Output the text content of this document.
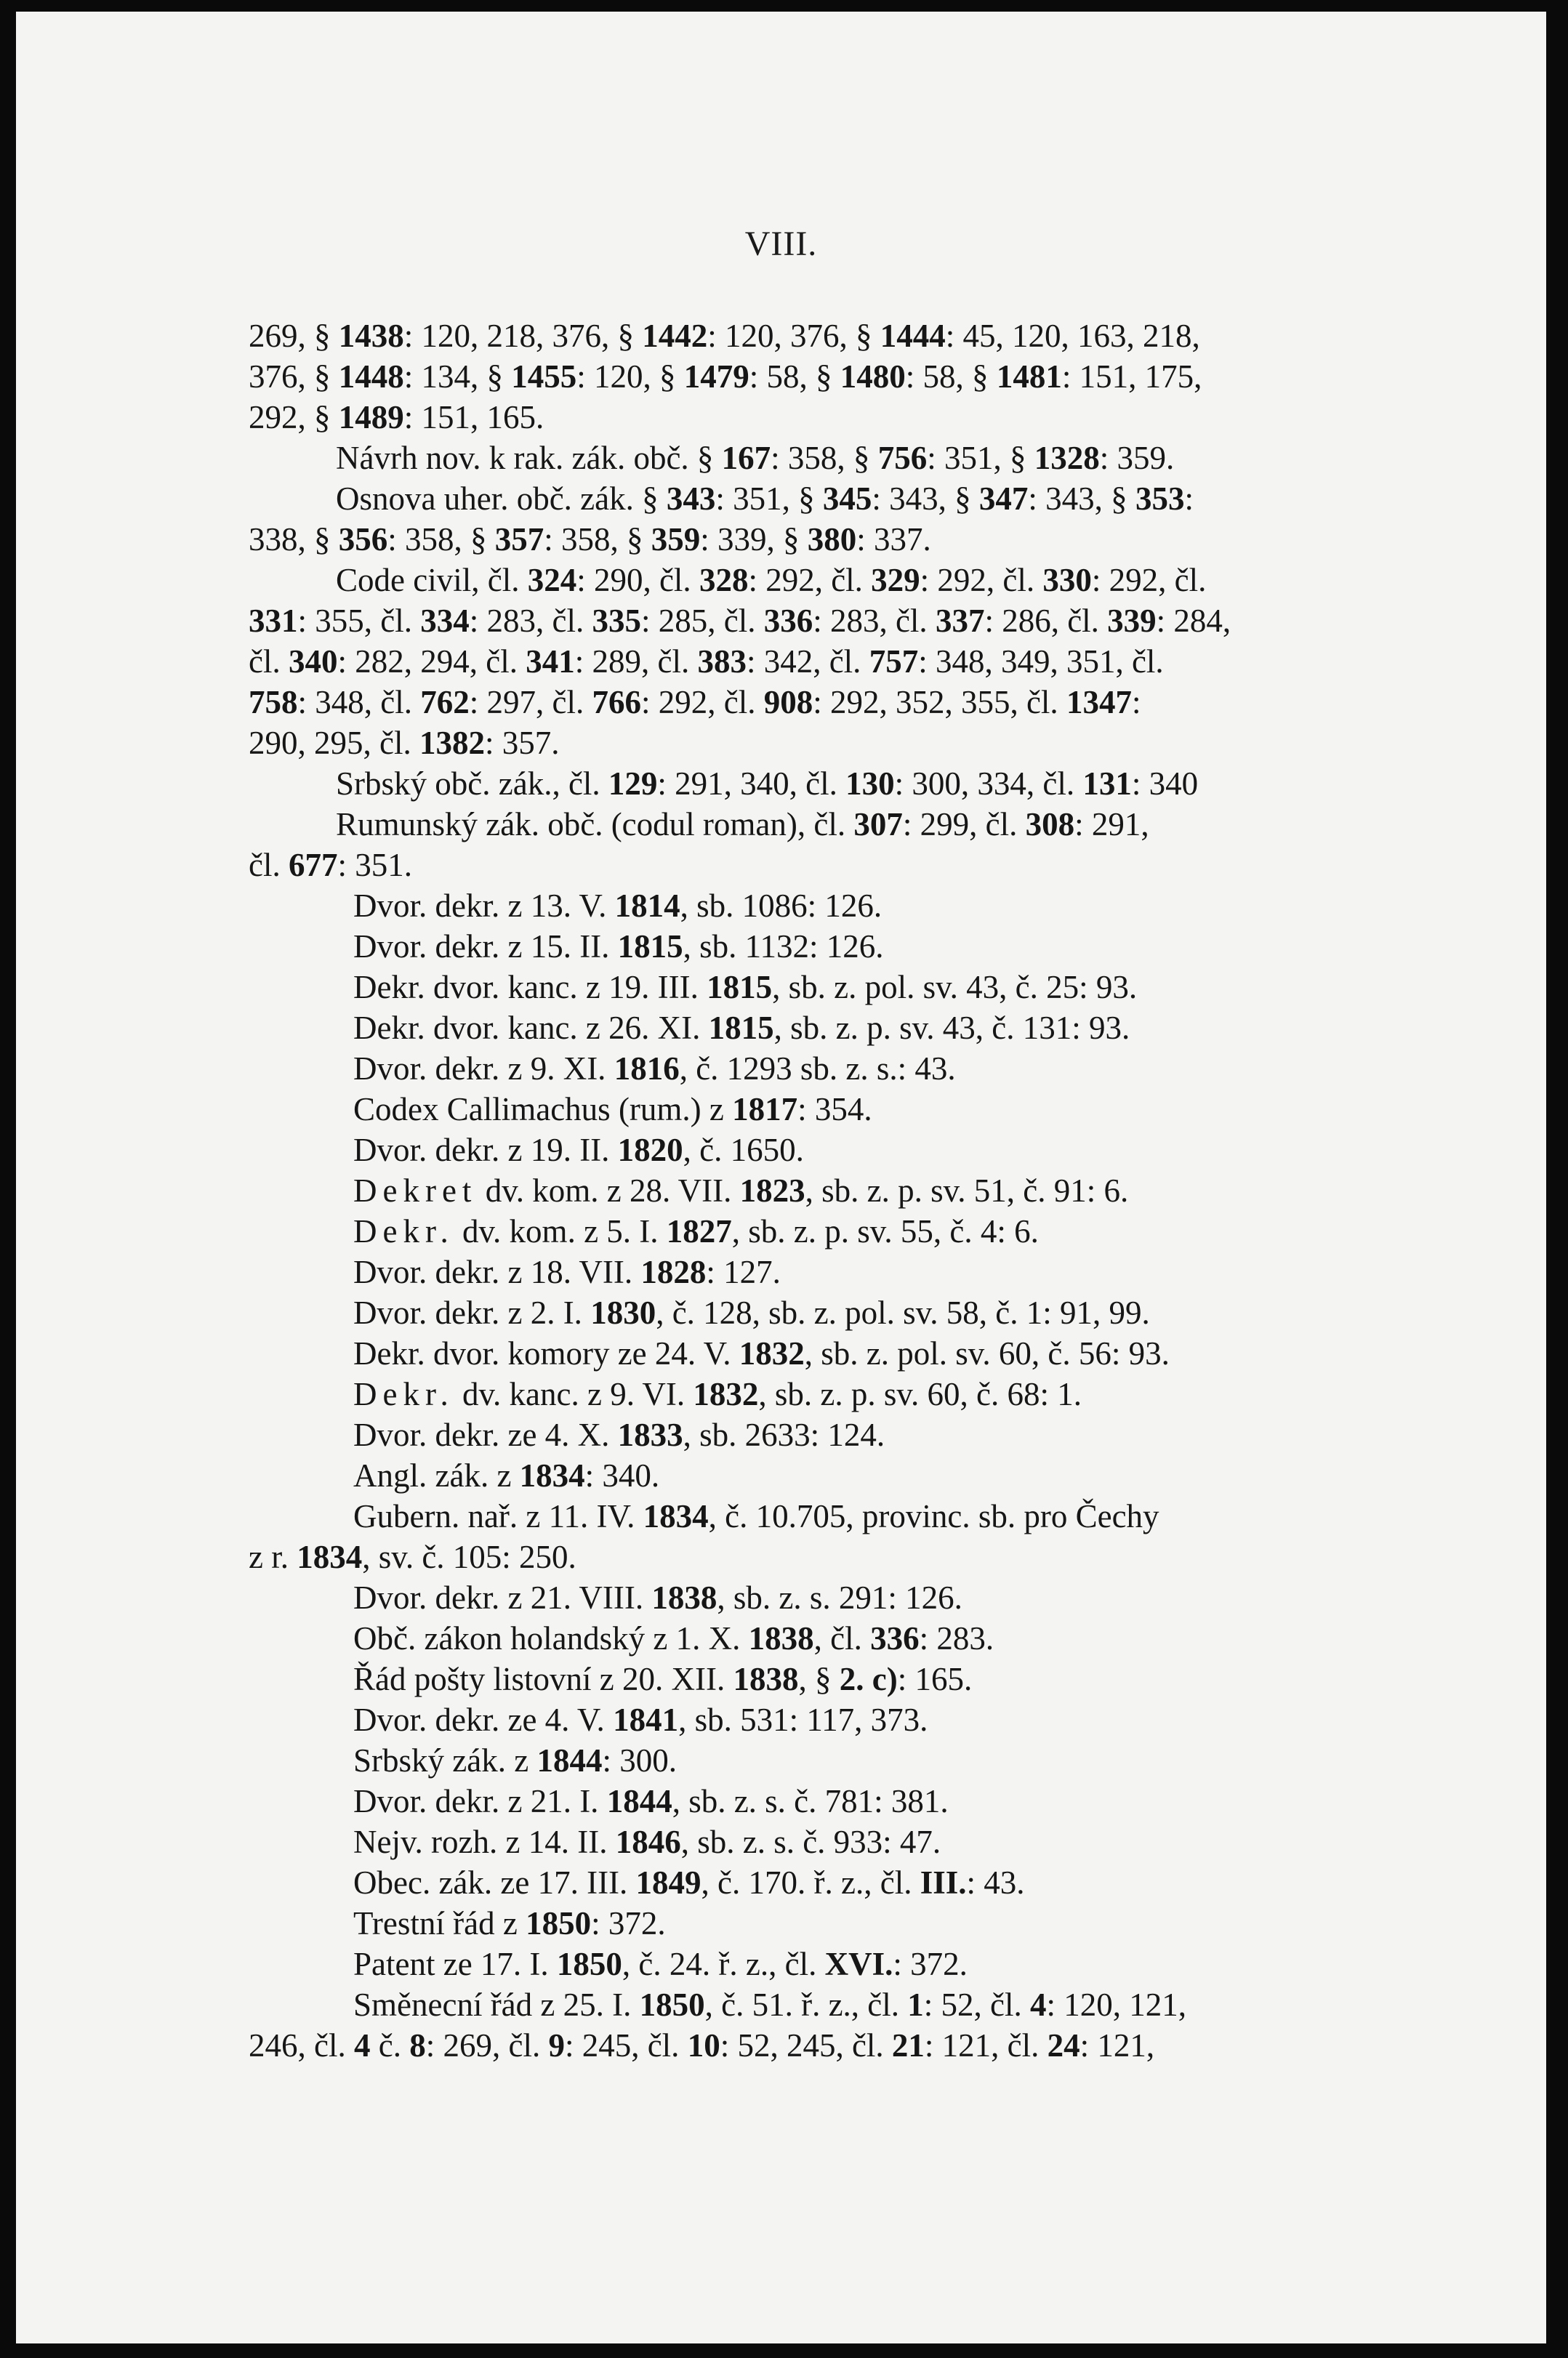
VIII.
269, § 1438: 120, 218, 376, § 1442: 120, 376, § 1444: 45, 120, 163, 218,
376, § 1448: 134, § 1455: 120, § 1479: 58, § 1480: 58, § 1481: 151, 175,
292, § 1489: 151, 165.
Návrh nov. k rak. zák. obč. § 167: 358, § 756: 351, § 1328: 359.
Osnova uher. obč. zák. § 343: 351, § 345: 343, § 347: 343, § 353:
338, § 356: 358, § 357: 358, § 359: 339, § 380: 337.
Code civil, čl. 324: 290, čl. 328: 292, čl. 329: 292, čl. 330: 292, čl.
331: 355, čl. 334: 283, čl. 335: 285, čl. 336: 283, čl. 337: 286, čl. 339: 284,
čl. 340: 282, 294, čl. 341: 289, čl. 383: 342, čl. 757: 348, 349, 351, čl.
758: 348, čl. 762: 297, čl. 766: 292, čl. 908: 292, 352, 355, čl. 1347:
290, 295, čl. 1382: 357.
Srbský obč. zák., čl. 129: 291, 340, čl. 130: 300, 334, čl. 131: 340
Rumunský zák. obč. (codul roman), čl. 307: 299, čl. 308: 291,
čl. 677: 351.
Dvor. dekr. z 13. V. 1814, sb. 1086: 126.
Dvor. dekr. z 15. II. 1815, sb. 1132: 126.
Dekr. dvor. kanc. z 19. III. 1815, sb. z. pol. sv. 43, č. 25: 93.
Dekr. dvor. kanc. z 26. XI. 1815, sb. z. p. sv. 43, č. 131: 93.
Dvor. dekr. z 9. XI. 1816, č. 1293 sb. z. s.: 43.
Codex Callimachus (rum.) z 1817: 354.
Dvor. dekr. z 19. II. 1820, č. 1650.
Dekret dv. kom. z 28. VII. 1823, sb. z. p. sv. 51, č. 91: 6.
Dekr. dv. kom. z 5. I. 1827, sb. z. p. sv. 55, č. 4: 6.
Dvor. dekr. z 18. VII. 1828: 127.
Dvor. dekr. z 2. I. 1830, č. 128, sb. z. pol. sv. 58, č. 1: 91, 99.
Dekr. dvor. komory ze 24. V. 1832, sb. z. pol. sv. 60, č. 56: 93.
Dekr. dv. kanc. z 9. VI. 1832, sb. z. p. sv. 60, č. 68: 1.
Dvor. dekr. ze 4. X. 1833, sb. 2633: 124.
Angl. zák. z 1834: 340.
Gubern. nař. z 11. IV. 1834, č. 10.705, provinc. sb. pro Čechy
z r. 1834, sv. č. 105: 250.
Dvor. dekr. z 21. VIII. 1838, sb. z. s. 291: 126.
Obč. zákon holandský z 1. X. 1838, čl. 336: 283.
Řád pošty listovní z 20. XII. 1838, § 2. c): 165.
Dvor. dekr. ze 4. V. 1841, sb. 531: 117, 373.
Srbský zák. z 1844: 300.
Dvor. dekr. z 21. I. 1844, sb. z. s. č. 781: 381.
Nejv. rozh. z 14. II. 1846, sb. z. s. č. 933: 47.
Obec. zák. ze 17. III. 1849, č. 170. ř. z., čl. III.: 43.
Trestní řád z 1850: 372.
Patent ze 17. I. 1850, č. 24. ř. z., čl. XVI.: 372.
Směnecní řád z 25. I. 1850, č. 51. ř. z., čl. 1: 52, čl. 4: 120, 121,
246, čl. 4 č. 8: 269, čl. 9: 245, čl. 10: 52, 245, čl. 21: 121, čl. 24: 121,
